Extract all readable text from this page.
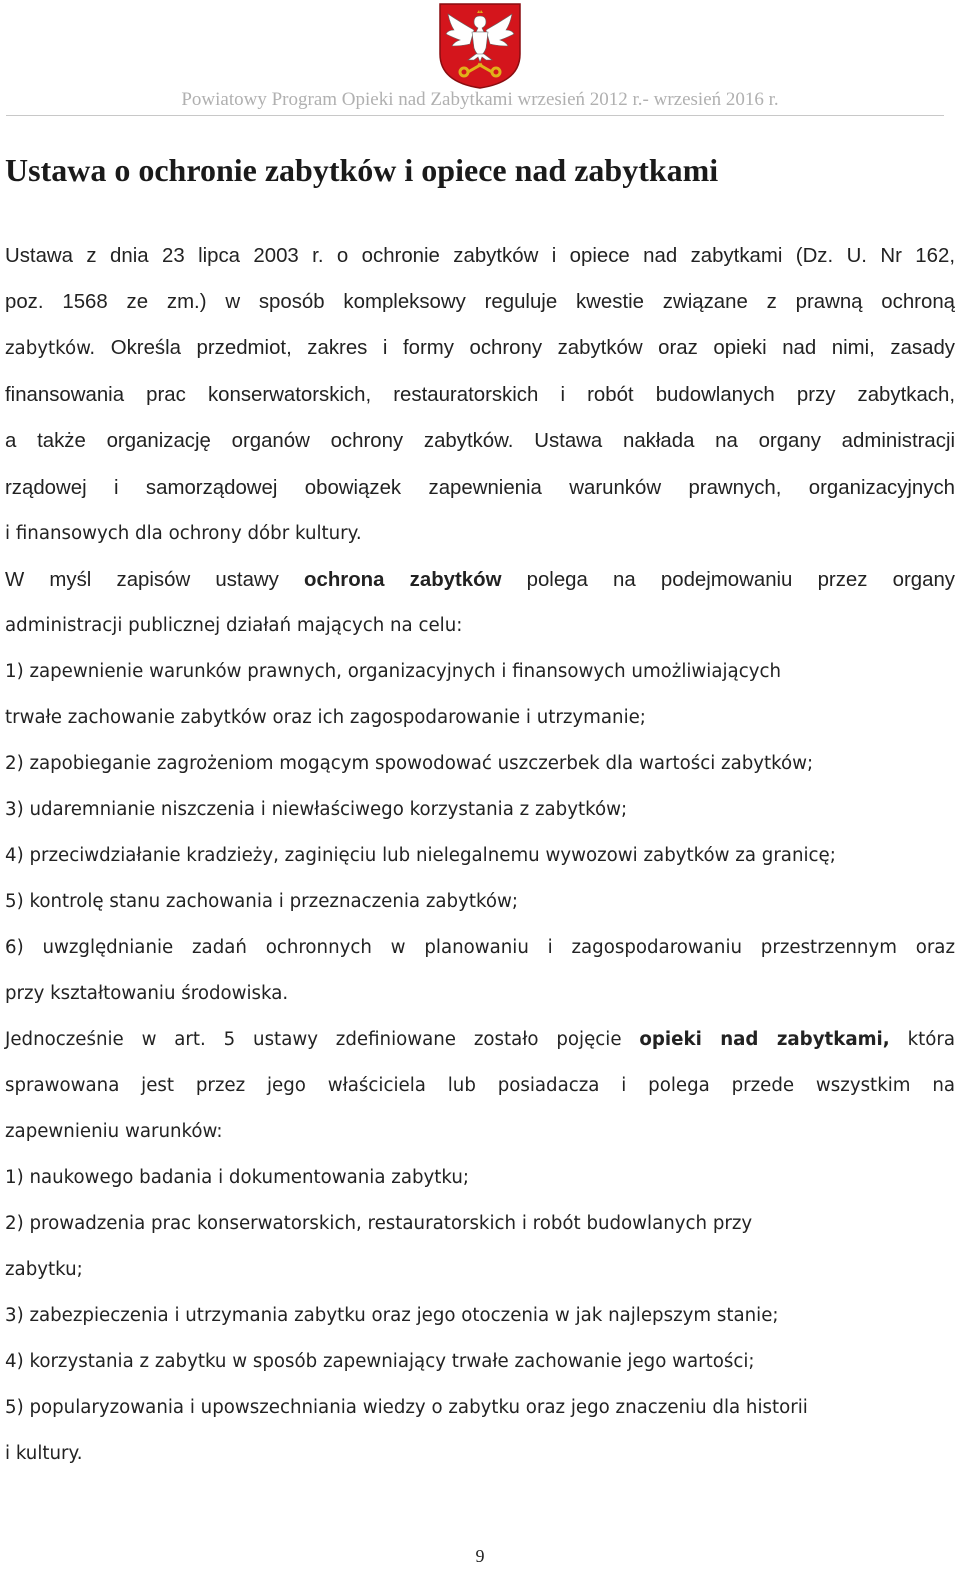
Powiatowy Program Opieki nad Zabytkami wrzesień 2012 r.- wrzesień 2016 r.
Ustawa o ochronie zabytków i opiece nad zabytkami

Ustawa z dnia 23 lipca 2003 r. o ochronie zabytków i opiece nad zabytkami (Dz. U. Nr 162,

poz. 1568 ze zm.) w sposób kompleksowy reguluje kwestie związane z prawną ochroną

zabytków. Określa przedmiot, zakres i formy ochrony zabytków oraz opieki nad nimi, zasady

finansowania prac konserwatorskich, restauratorskich i robót budowlanych przy zabytkach,

a także organizację organów ochrony zabytków. Ustawa nakłada na organy administracji

rządowej i samorządowej obowiązek zapewnienia warunków prawnych, organizacyjnych

i finansowych dla ochrony dóbr kultury.

W myśl zapisów ustawy ochrona zabytków polega na podejmowaniu przez organy

administracji publicznej działań mających na celu:

1) zapewnienie warunków prawnych, organizacyjnych i finansowych umożliwiających

trwałe zachowanie zabytków oraz ich zagospodarowanie i utrzymanie;

2) zapobieganie zagrożeniom mogącym spowodować uszczerbek dla wartości zabytków;

3) udaremnianie niszczenia i niewłaściwego korzystania z zabytków;

4) przeciwdziałanie kradzieży, zaginięciu lub nielegalnemu wywozowi zabytków za granicę;

5) kontrolę stanu zachowania i przeznaczenia zabytków;

6) uwzględnianie zadań ochronnych w planowaniu i zagospodarowaniu przestrzennym oraz

przy kształtowaniu środowiska.

Jednocześnie w art. 5 ustawy zdefiniowane zostało pojęcie opieki nad zabytkami, która

sprawowana jest przez jego właściciela lub posiadacza i polega przede wszystkim na

zapewnieniu warunków:

1) naukowego badania i dokumentowania zabytku;

2) prowadzenia prac konserwatorskich, restauratorskich i robót budowlanych przy

zabytku;

3) zabezpieczenia i utrzymania zabytku oraz jego otoczenia w jak najlepszym stanie;

4) korzystania z zabytku w sposób zapewniający trwałe zachowanie jego wartości;

5) popularyzowania i upowszechniania wiedzy o zabytku oraz jego znaczeniu dla historii

i kultury.

9
